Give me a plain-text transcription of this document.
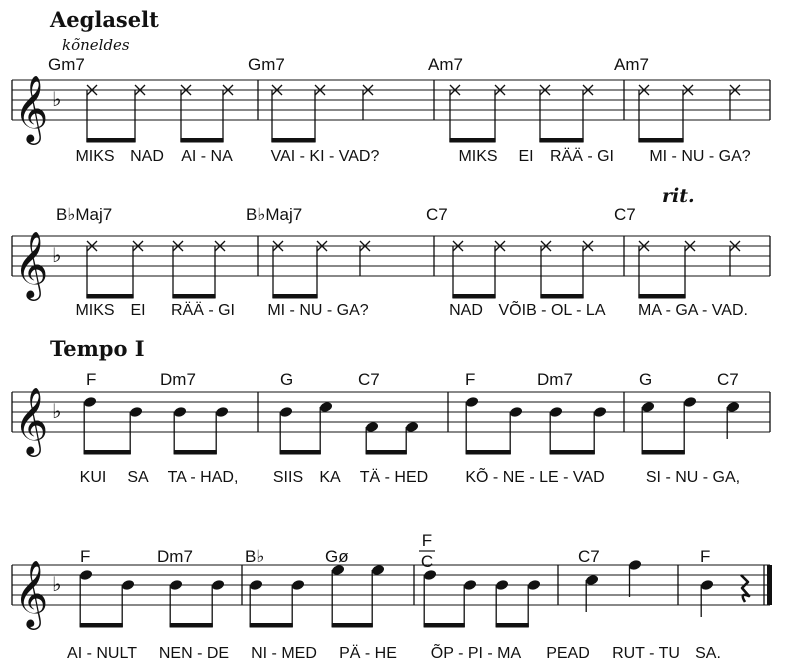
Aeglaselt
kõneldes
rit.
Tempo I
𝄞 ♭
Gm7	Gm7	Am7	Am7
MIKS NAD AI - NA VAI - KI - VAD?	MIKS EI RÄÄ - GI MI - NU - GA?
𝄞 ♭
B♭Maj7	B♭Maj7	C7	C7
MIKS EI RÄÄ - GI MI - NU - GA?	NAD VÕIB - OL - LA MA - GA - VAD.
𝄞 ♭
F	Dm7	G	C7	F	Dm7	G	C7
KUI SA TA - HAD, SIIS KA TÄ - HED KÕ - NE - LE - VAD	SI - NU - GA,
𝄞 ♭
F	Dm7	B♭	Gø
F
C	C7	F
AI - NULT NEN - DE NI - MED PÄ - HE ÕP - PI - MA PEAD RUT - TU SA.
